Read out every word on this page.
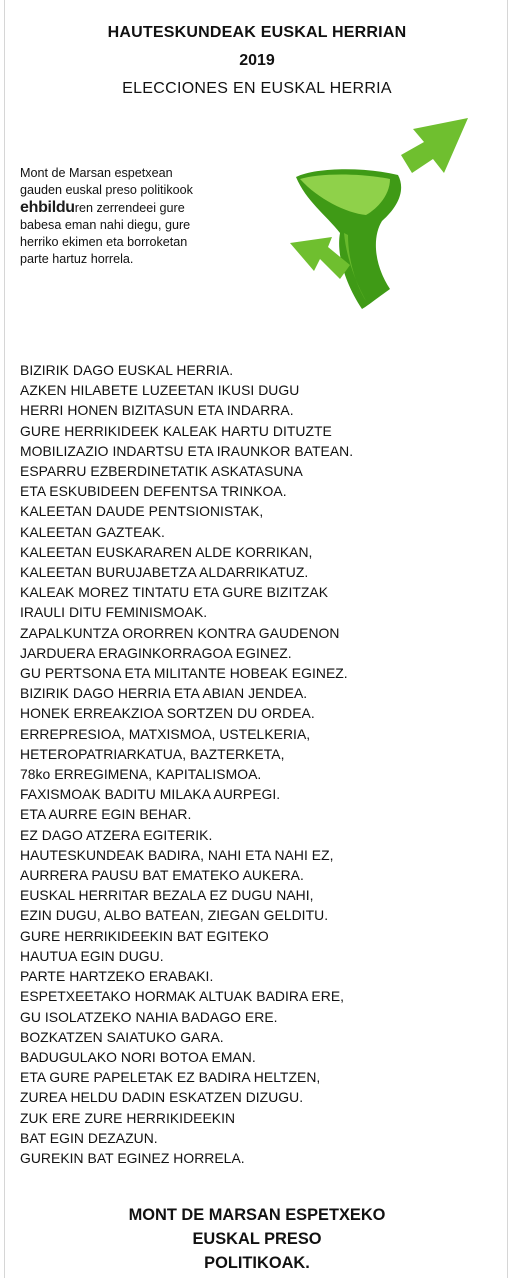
HAUTESKUNDEAK EUSKAL HERRIAN
2019
ELECCIONES EN EUSKAL HERRIA
Mont de Marsan espetxean
gauden euskal preso politikook
ehbilduren zerrendeei gure
babesa eman nahi diegu, gure
herriko ekimen eta borroketan
parte hartuz horrela.
BIZIRIK DAGO EUSKAL HERRIA.
AZKEN HILABETE LUZEETAN IKUSI DUGU
HERRI HONEN BIZITASUN ETA INDARRA.
GURE HERRIKIDEEK KALEAK HARTU DITUZTE
MOBILIZAZIO INDARTSU ETA IRAUNKOR BATEAN.
ESPARRU EZBERDINETATIK ASKATASUNA
ETA ESKUBIDEEN DEFENTSA TRINKOA.
KALEETAN DAUDE PENTSIONISTAK,
KALEETAN GAZTEAK.
KALEETAN EUSKARAREN ALDE KORRIKAN,
KALEETAN BURUJABETZA ALDARRIKATUZ.
KALEAK MOREZ TINTATU ETA GURE BIZITZAK
IRAULI DITU FEMINISMOAK.
ZAPALKUNTZA ORORREN KONTRA GAUDENON
JARDUERA ERAGINKORRAGOA EGINEZ.
GU PERTSONA ETA MILITANTE HOBEAK EGINEZ.
BIZIRIK DAGO HERRIA ETA ABIAN JENDEA.
HONEK ERREAKZIOA SORTZEN DU ORDEA.
ERREPRESIOA, MATXISMOA, USTELKERIA,
HETEROPATRIARKATUA, BAZTERKETA,
78ko ERREGIMENA, KAPITALISMOA.
FAXISMOAK BADITU MILAKA AURPEGI.
ETA AURRE EGIN BEHAR.
EZ DAGO ATZERA EGITERIK.
HAUTESKUNDEAK BADIRA, NAHI ETA NAHI EZ,
AURRERA PAUSU BAT EMATEKO AUKERA.
EUSKAL HERRITAR BEZALA EZ DUGU NAHI,
EZIN DUGU, ALBO BATEAN, ZIEGAN GELDITU.
GURE HERRIKIDEEKIN BAT EGITEKO
HAUTUA EGIN DUGU.
PARTE HARTZEKO ERABAKI.
ESPETXEETAKO HORMAK ALTUAK BADIRA ERE,
GU ISOLATZEKO NAHIA BADAGO ERE.
BOZKATZEN SAIATUKO GARA.
BADUGULAKO NORI BOTOA EMAN.
ETA GURE PAPELETAK EZ BADIRA HELTZEN,
ZUREA HELDU DADIN ESKATZEN DIZUGU.
ZUK ERE ZURE HERRIKIDEEKIN
BAT EGIN DEZAZUN.
GUREKIN BAT EGINEZ HORRELA.
MONT DE MARSAN ESPETXEKO
EUSKAL PRESO
POLITIKOAK.
